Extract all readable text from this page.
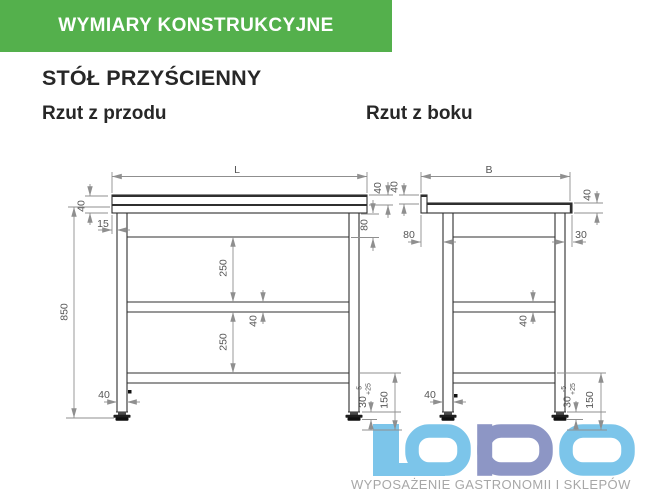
WYMIARY KONSTRUKCYJNE
STÓŁ PRZYŚCIENNY
Rzut z przodu	Rzut z boku
WYPOSAŻENIE GASTRONOMII I SKLEPÓW
L
40
40
15	80
850
250
40
250
40
30
-5 +25
150
B
40
80	30
40
40
40
30
-5 +25
150
